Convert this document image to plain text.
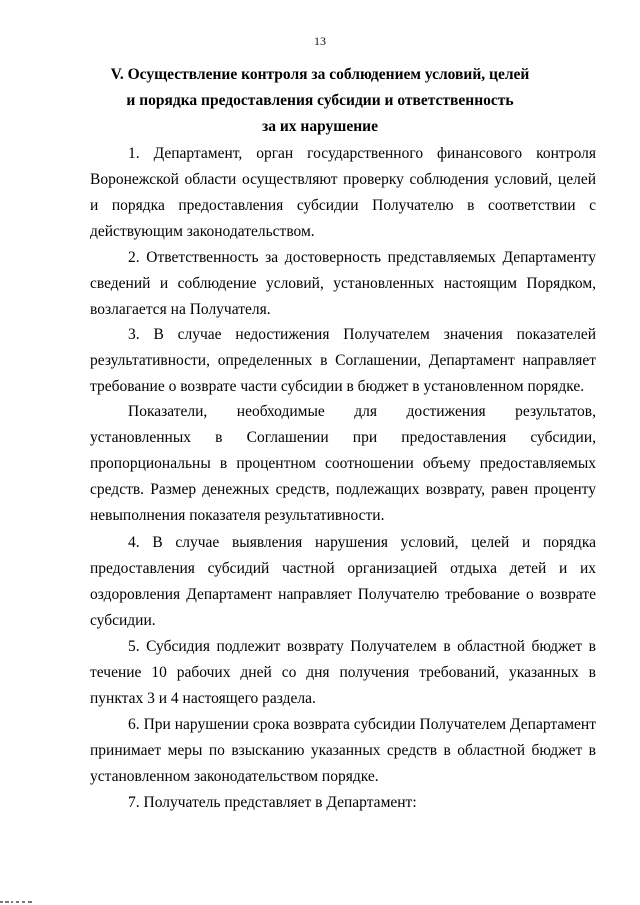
13
V. Осуществление контроля за соблюдением условий, целей
и порядка предоставления субсидии и ответственность
за их нарушение
1. Департамент, орган государственного финансового контроля Воронежской области осуществляют проверку соблюдения условий, целей и порядка предоставления субсидии Получателю в соответствии с действующим законодательством.
2. Ответственность за достоверность представляемых Департаменту сведений и соблюдение условий, установленных настоящим Порядком, возлагается на Получателя.
3. В случае недостижения Получателем значения показателей результативности, определенных в Соглашении, Департамент направляет требование о возврате части субсидии в бюджет в установленном порядке.
Показатели, необходимые для достижения результатов, установленных в Соглашении при предоставления субсидии, пропорциональны в процентном соотношении объему предоставляемых средств. Размер денежных средств, подлежащих возврату, равен проценту невыполнения показателя результативности.
4. В случае выявления нарушения условий, целей и порядка предоставления субсидий частной организацией отдыха детей и их оздоровления Департамент направляет Получателю требование о возврате субсидии.
5. Субсидия подлежит возврату Получателем в областной бюджет в течение 10 рабочих дней со дня получения требований, указанных в пунктах 3 и 4 настоящего раздела.
6. При нарушении срока возврата субсидии Получателем Департамент принимает меры по взысканию указанных средств в областной бюджет в установленном законодательством порядке.
7. Получатель представляет в Департамент:
